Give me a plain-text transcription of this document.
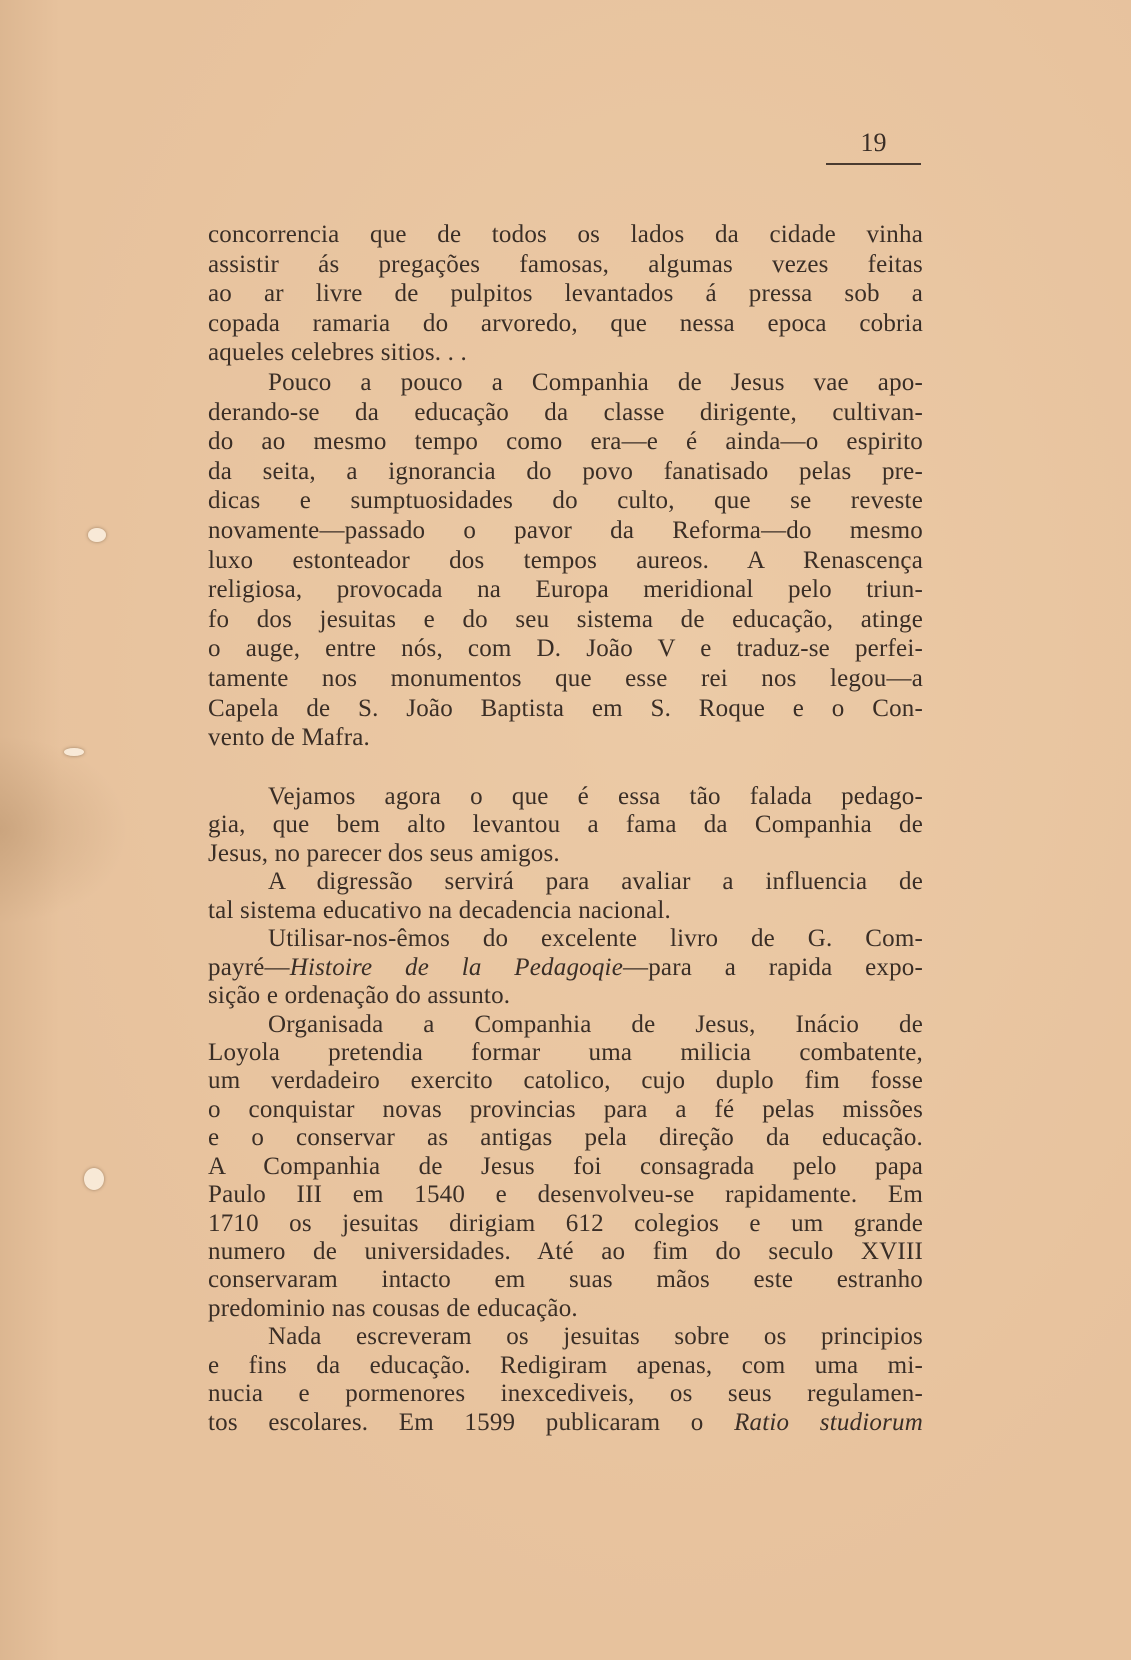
19
concorrencia que de todos os lados da cidade vinha
assistir ás pregações famosas, algumas vezes feitas
ao ar livre de pulpitos levantados á pressa sob a
copada ramaria do arvoredo, que nessa epoca cobria
aqueles celebres sitios. . .
Pouco a pouco a Companhia de Jesus vae apo-
derando-se da educação da classe dirigente, cultivan-
do ao mesmo tempo como era—e é ainda—o espirito
da seita, a ignorancia do povo fanatisado pelas pre-
dicas e sumptuosidades do culto, que se reveste
novamente—passado o pavor da Reforma—do mesmo
luxo estonteador dos tempos aureos. A Renascença
religiosa, provocada na Europa meridional pelo triun-
fo dos jesuitas e do seu sistema de educação, atinge
o auge, entre nós, com D. João V e traduz-se perfei-
tamente nos monumentos que esse rei nos legou—a
Capela de S. João Baptista em S. Roque e o Con-
vento de Mafra.
Vejamos agora o que é essa tão falada pedago-
gia, que bem alto levantou a fama da Companhia de
Jesus, no parecer dos seus amigos.
A digressão servirá para avaliar a influencia de
tal sistema educativo na decadencia nacional.
Utilisar-nos-êmos do excelente livro de G. Com-
payré—Histoire de la Pedagoqie—para a rapida expo-
sição e ordenação do assunto.
Organisada a Companhia de Jesus, Inácio de
Loyola pretendia formar uma milicia combatente,
um verdadeiro exercito catolico, cujo duplo fim fosse
o conquistar novas provincias para a fé pelas missões
e o conservar as antigas pela direção da educação.
A Companhia de Jesus foi consagrada pelo papa
Paulo III em 1540 e desenvolveu-se rapidamente. Em
1710 os jesuitas dirigiam 612 colegios e um grande
numero de universidades. Até ao fim do seculo XVIII
conservaram intacto em suas mãos este estranho
predominio nas cousas de educação.
Nada escreveram os jesuitas sobre os principios
e fins da educação. Redigiram apenas, com uma mi-
nucia e pormenores inexcediveis, os seus regulamen-
tos escolares. Em 1599 publicaram o Ratio studiorum
